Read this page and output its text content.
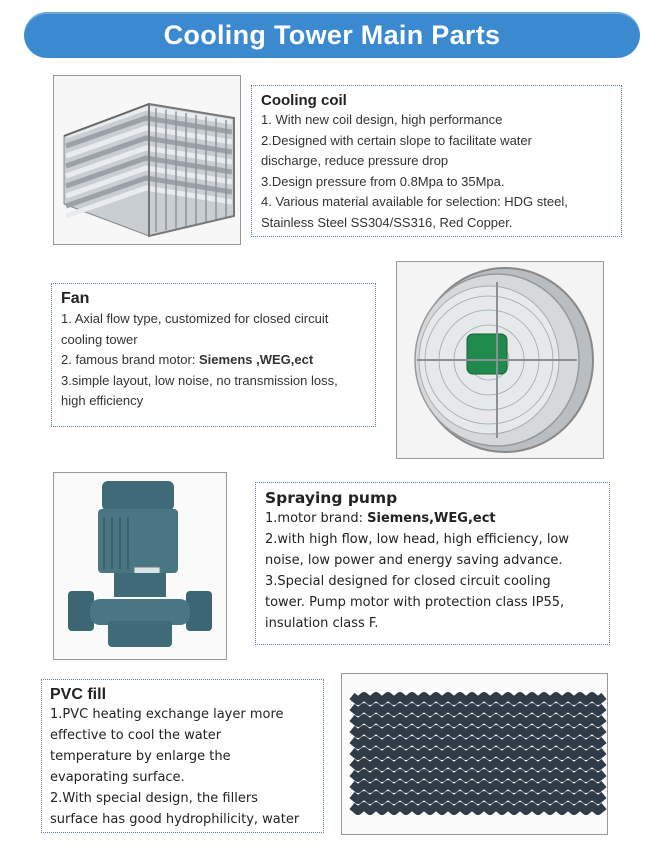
Cooling Tower Main Parts
Cooling coil
1. With new coil design, high performance
2.Designed with certain slope to facilitate water
discharge, reduce pressure drop
3.Design pressure from 0.8Mpa to 35Mpa.
4. Various material available for selection: HDG steel,
Stainless Steel SS304/SS316, Red Copper.
Fan
1. Axial flow type, customized for closed circuit
cooling tower
2. famous brand motor: Siemens ,WEG,ect
3.simple layout, low noise, no transmission loss,
high efficiency
Spraying pump
1.motor brand: Siemens,WEG,ect
2.with high flow, low head, high efficiency, low
noise, low power and energy saving advance.
3.Special designed for closed circuit cooling
tower. Pump motor with protection class IP55,
insulation class F.
PVC fill
1.PVC heating exchange layer more
effective to cool the water
temperature by enlarge the
evaporating surface.
2.With special design, the fillers
surface has good hydrophilicity, water
